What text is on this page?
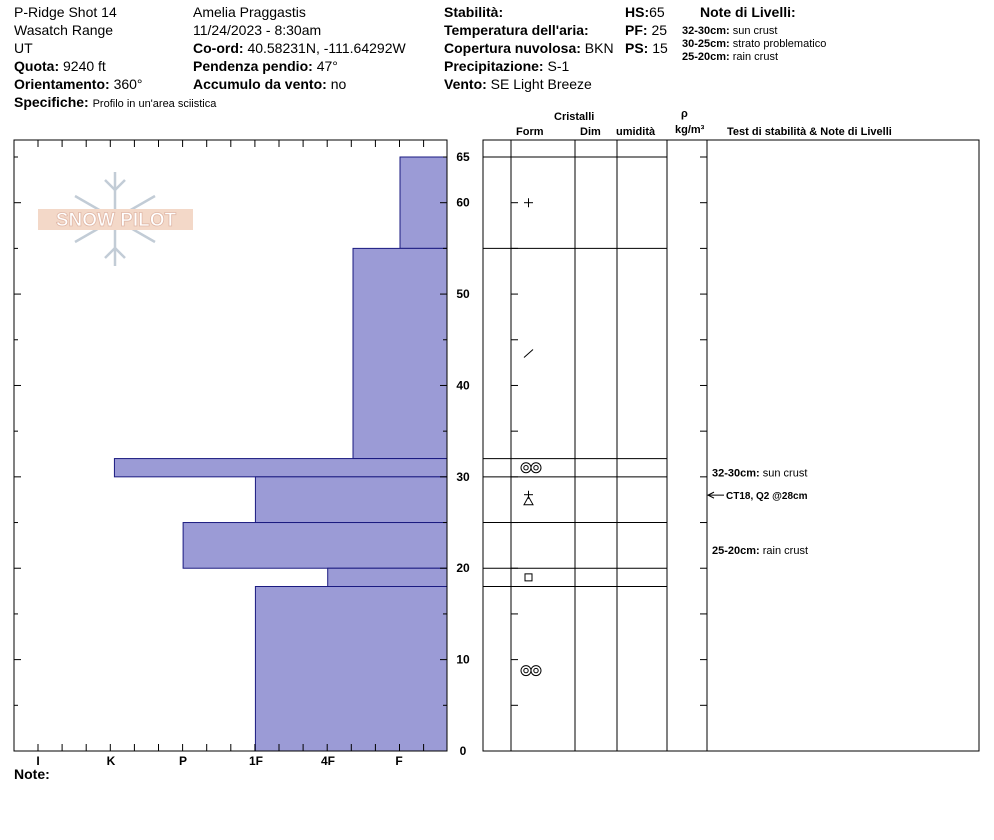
P-Ridge Shot 14
Wasatch Range
UT
Quota: 9240 ft
Orientamento: 360°
Specifiche: Profilo in un'area sciistica
Amelia Praggastis
11/24/2023 - 8:30am
Co-ord: 40.58231N, -111.64292W
Pendenza pendio: 47°
Accumulo da vento: no
Stabilità:
Temperatura dell'aria:
Copertura nuvolosa: BKN
Precipitazione: S-1
Vento: SE Light Breeze
HS:65
PF: 25
PS: 15
Note di Livelli:
32-30cm: sun crust
30-25cm: strato problematico
25-20cm: rain crust
Cristalli
Form	Dim umidità
ρ
kg/m³ Test di stabilità & Note di Livelli
SNOW PILOT
I	K	P	1F	4F	F
0
10
20
30
40
50
60
65
32-30cm: sun crust
25-20cm: rain crust
CT18, Q2 @28cm
Note:
